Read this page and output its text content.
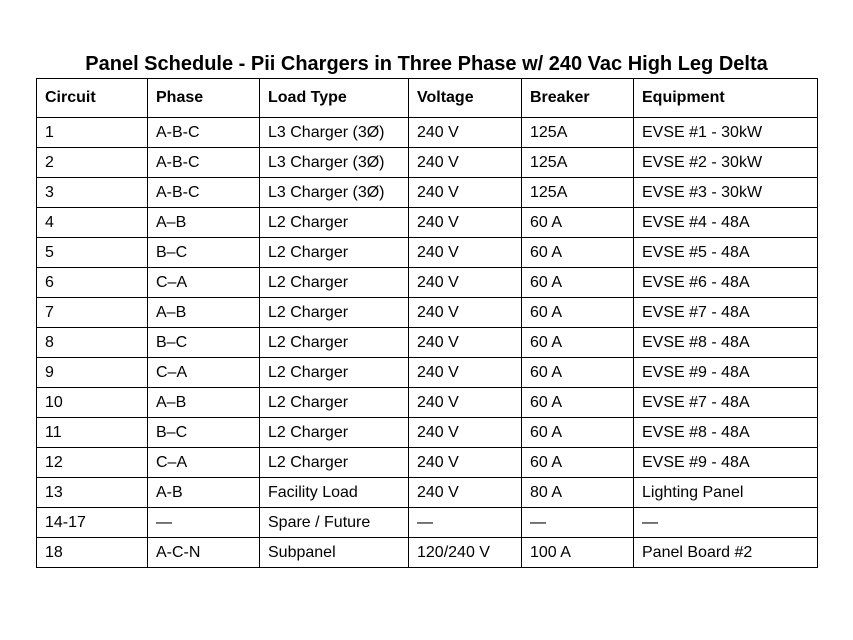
Panel Schedule - Pii Chargers in Three Phase w/ 240 Vac High Leg Delta
Circuit	Phase	Load Type	Voltage	Breaker	Equipment
1	A-B-C	L3 Charger (3Ø)	240 V	125A	EVSE #1 - 30kW
2	A-B-C	L3 Charger (3Ø)	240 V	125A	EVSE #2 - 30kW
3	A-B-C	L3 Charger (3Ø)	240 V	125A	EVSE #3 - 30kW
4	A–B	L2 Charger	240 V	60 A	EVSE #4 - 48A
5	B–C	L2 Charger	240 V	60 A	EVSE #5 - 48A
6	C–A	L2 Charger	240 V	60 A	EVSE #6 - 48A
7	A–B	L2 Charger	240 V	60 A	EVSE #7 - 48A
8	B–C	L2 Charger	240 V	60 A	EVSE #8 - 48A
9	C–A	L2 Charger	240 V	60 A	EVSE #9 - 48A
10	A–B	L2 Charger	240 V	60 A	EVSE #7 - 48A
11	B–C	L2 Charger	240 V	60 A	EVSE #8 - 48A
12	C–A	L2 Charger	240 V	60 A	EVSE #9 - 48A
13	A-B	Facility Load	240 V	80 A	Lighting Panel
14-17	—	Spare / Future	—	—	—
18	A-C-N	Subpanel	120/240 V	100 A	Panel Board #2
